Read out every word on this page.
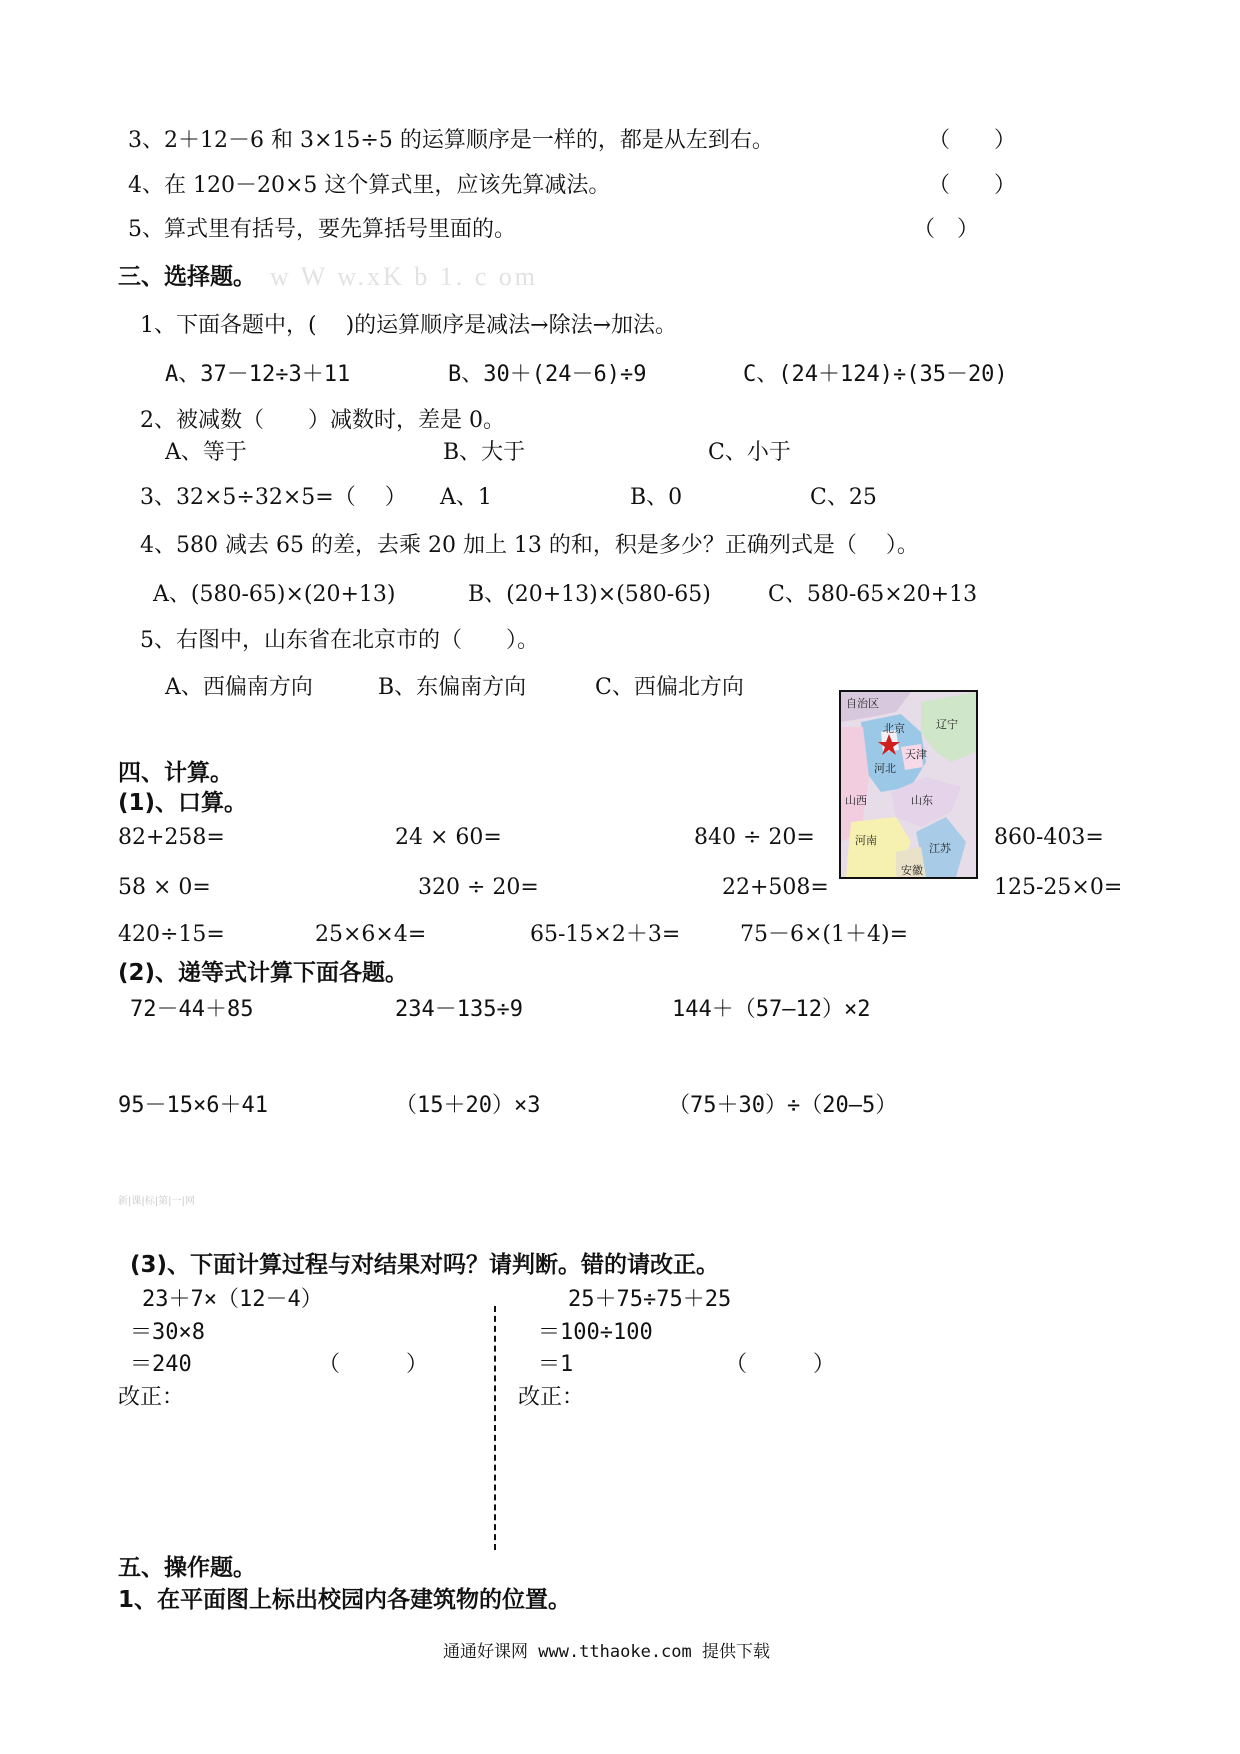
3、2＋12－6 和 3×15÷5 的运算顺序是一样的，都是从左到右。	（　　）
4、在 120－20×5 这个算式里，应该先算减法。	（　　）
5、算式里有括号，要先算括号里面的。	（　）
三、选择题。 w W w.xK b 1. c om
1、下面各题中，(　 )的运算顺序是减法→除法→加法。
A、37－12÷3＋11	B、30＋(24－6)÷9	C、(24＋124)÷(35－20)
2、被减数（　　）减数时，差是 0。
A、等于	B、大于	C、小于
3、32×5÷32×5=（　 ） A、1	B、0	C、25
4、580 减去 65 的差，去乘 20 加上 13 的和，积是多少？正确列式是（　 ）。
A、(580-65)×(20+13)	B、(20+13)×(580-65)	C、580-65×20+13
5、右图中，山东省在北京市的（　　）。
A、西偏南方向	B、东偏南方向	C、西偏北方向
自治区
北京	辽宁
天津
河北
山西	山东
河南
江苏
安徽
四、计算。
(1)、口算。
82+258=	24 × 60=	840 ÷ 20=	860-403=
58 × 0=	320 ÷ 20=	22+508=	125-25×0=
420÷15=	25×6×4=	65-15×2＋3=	75－6×(1＋4)=
(2)、递等式计算下面各题。
72－44＋85	234－135÷9	144＋（57—12）×2
95－15×6＋41	（15＋20）×3	（75＋30）÷（20—5）
新|课|标|第|一|网
(3)、下面计算过程与对结果对吗？请判断。错的请改正。
23＋7×（12－4）
＝30×8
＝240	（　　　）
改正：
25＋75÷75＋25
＝100÷100
＝1	（　　　）
改正：
五、操作题。
1、在平面图上标出校园内各建筑物的位置。
通通好课网 www.tthaoke.com 提供下载
